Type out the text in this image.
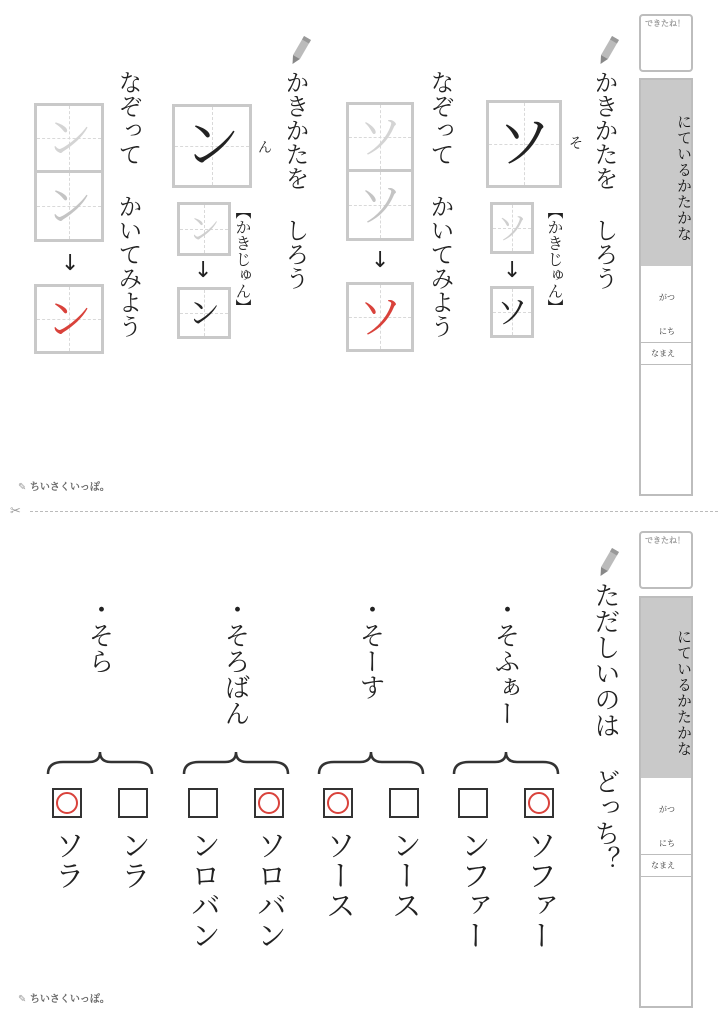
できたね！
にているかたかな
がつ
にち
なまえ
かきかたを しろう
そ
ソ
【かきじゅん】
ソ
↓
ソ
なぞって かいてみよう
ソ
ソ
↓
ソ
かきかたを しろう
ん
ン
【かきじゅん】
ン
↓
ン
なぞって かいてみよう
ン
ン
↓
ン
✎ ちいさくいっぽ。
✂
できたね！
にているかたかな
がつ
にち
なまえ
ただしいのは どっち？
・そふぁー
ソファー
ンファー
・そーす
ンース
ソース
・そろばん
ソロバン
ンロバン
・そら
ンラ
ソラ
✎ ちいさくいっぽ。
